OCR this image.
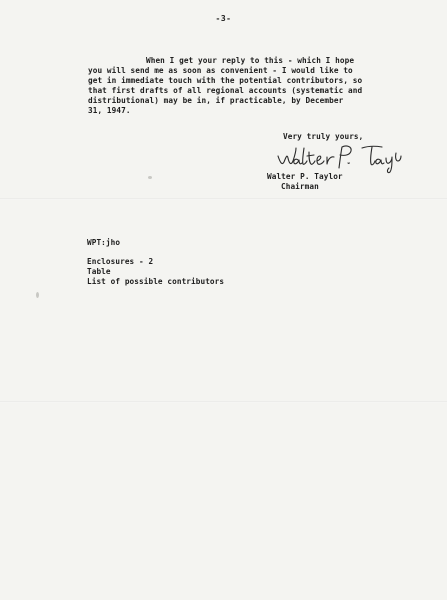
-3-
When I get your reply to this - which I hope
you will send me as soon as convenient - I would like to
get in immediate touch with the potential contributors, so
that first drafts of all regional accounts (systematic and
distributional) may be in, if practicable, by December
31, 1947.
Very truly yours,
Walter P. Taylor
Chairman
WPT:jho
Enclosures - 2
Table
List of possible contributors
